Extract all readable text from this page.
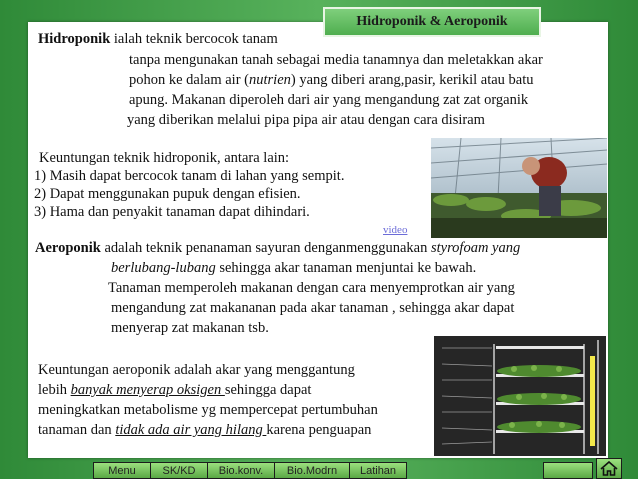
Hidroponik & Aeroponik
Hidroponik ialah teknik bercocok tanam
tanpa mengunakan tanah sebagai media tanamnya dan meletakkan akar
pohon ke dalam air (nutrien) yang diberi arang,pasir, kerikil atau batu
apung. Makanan diperoleh dari air yang mengandung zat zat organik
yang diberikan melalui pipa pipa air atau dengan cara disiram
Keuntungan teknik hidroponik, antara lain:
1) Masih dapat bercocok tanam di lahan yang sempit.
2) Dapat menggunakan pupuk dengan efisien.
3) Hama dan penyakit tanaman dapat dihindari.
video
Aeroponik adalah teknik penanaman sayuran denganmenggunakan styrofoam yang
berlubang-lubang sehingga akar tanaman menjuntai ke bawah.
Tanaman memperoleh makanan dengan cara menyemprotkan air yang
mengandung zat makananan pada akar tanaman , sehingga akar dapat
menyerap zat makanan tsb.
Keuntungan aeroponik adalah akar yang menggantung
lebih banyak menyerap oksigen sehingga dapat
meningkatkan metabolisme yg mempercepat pertumbuhan
tanaman dan tidak ada air yang hilang karena penguapan
Menu	SK/KD	Bio.konv.	Bio.Modrn	Latihan
